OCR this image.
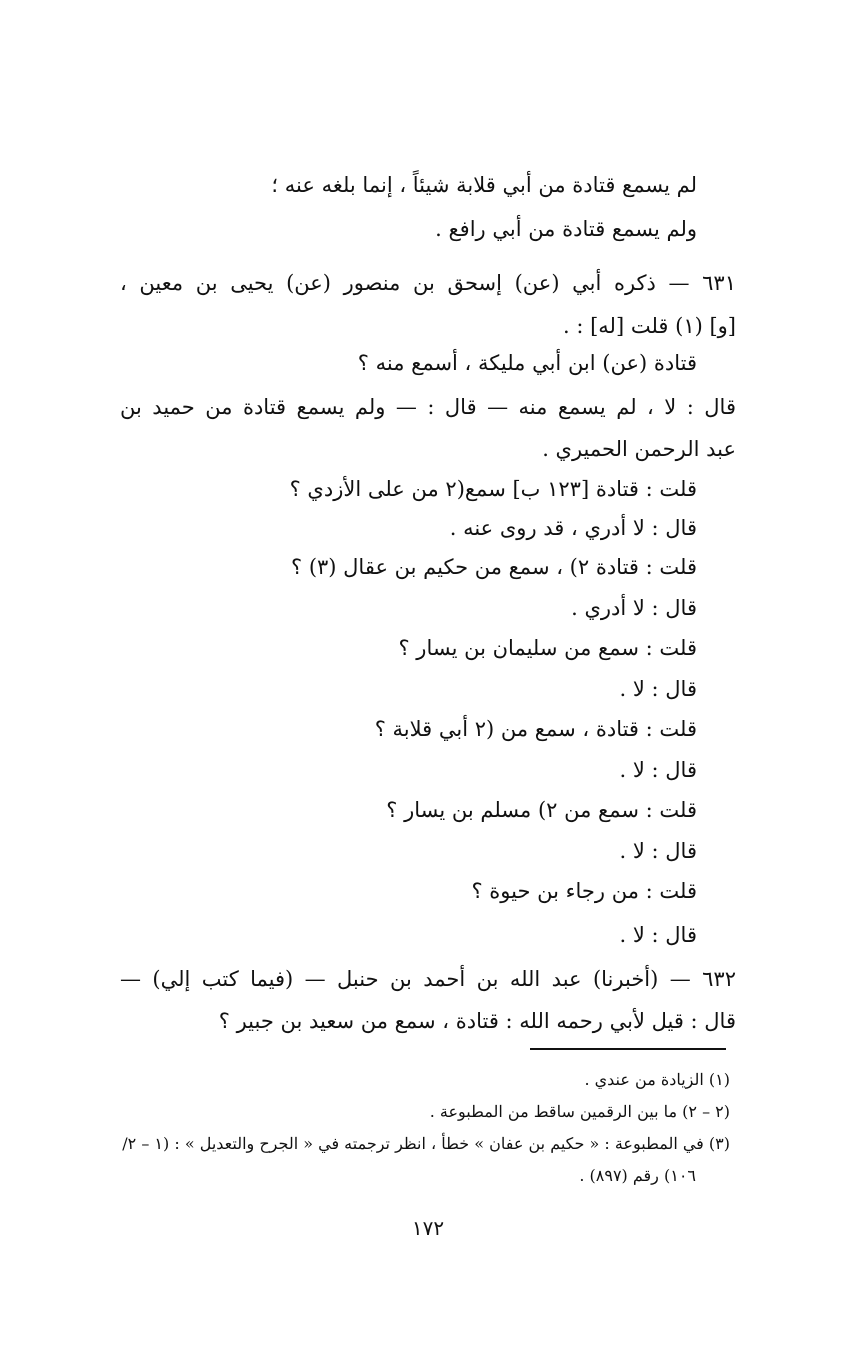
لم يسمع قتادة من أبي قلابة شيئاً ، إنما بلغه عنه ؛
ولم يسمع قتادة من أبي رافع .
٦٣١ — ذكره أبي (عن) إسحق بن منصور (عن) يحيى بن معين ،
[و] (١) قلت [له] : .
قتادة (عن) ابن أبي مليكة ، أسمع منه ؟
قال : لا ، لم يسمع منه — قال : — ولم يسمع قتادة من حميد بن
عبد الرحمن الحميري .
قلت : قتادة [١٢٣ ب] سمع(٢ من على الأزدي ؟
قال : لا أدري ، قد روى عنه .
قلت : قتادة ٢) ، سمع من حكيم بن عقال (٣) ؟
قال : لا أدري .
قلت : سمع من سليمان بن يسار ؟
قال : لا .
قلت : قتادة ، سمع من (٢ أبي قلابة ؟
قال : لا .
قلت : سمع من ٢) مسلم بن يسار ؟
قال : لا .
قلت : من رجاء بن حيوة ؟
قال : لا .
٦٣٢ — (أخبرنا) عبد الله بن أحمد بن حنبل — (فيما كتب إلي) —
قال : قيل لأبي رحمه الله : قتادة ، سمع من سعيد بن جبير ؟
(١) الزيادة من عندي .
(٢ – ٢) ما بين الرقمين ساقط من المطبوعة .
(٣) في المطبوعة : « حكيم بن عفان » خطأ ، انظر ترجمته في « الجرح والتعديل » : (١ – ٢/
١٠٦) رقم (٨٩٧) .
١٧٢
